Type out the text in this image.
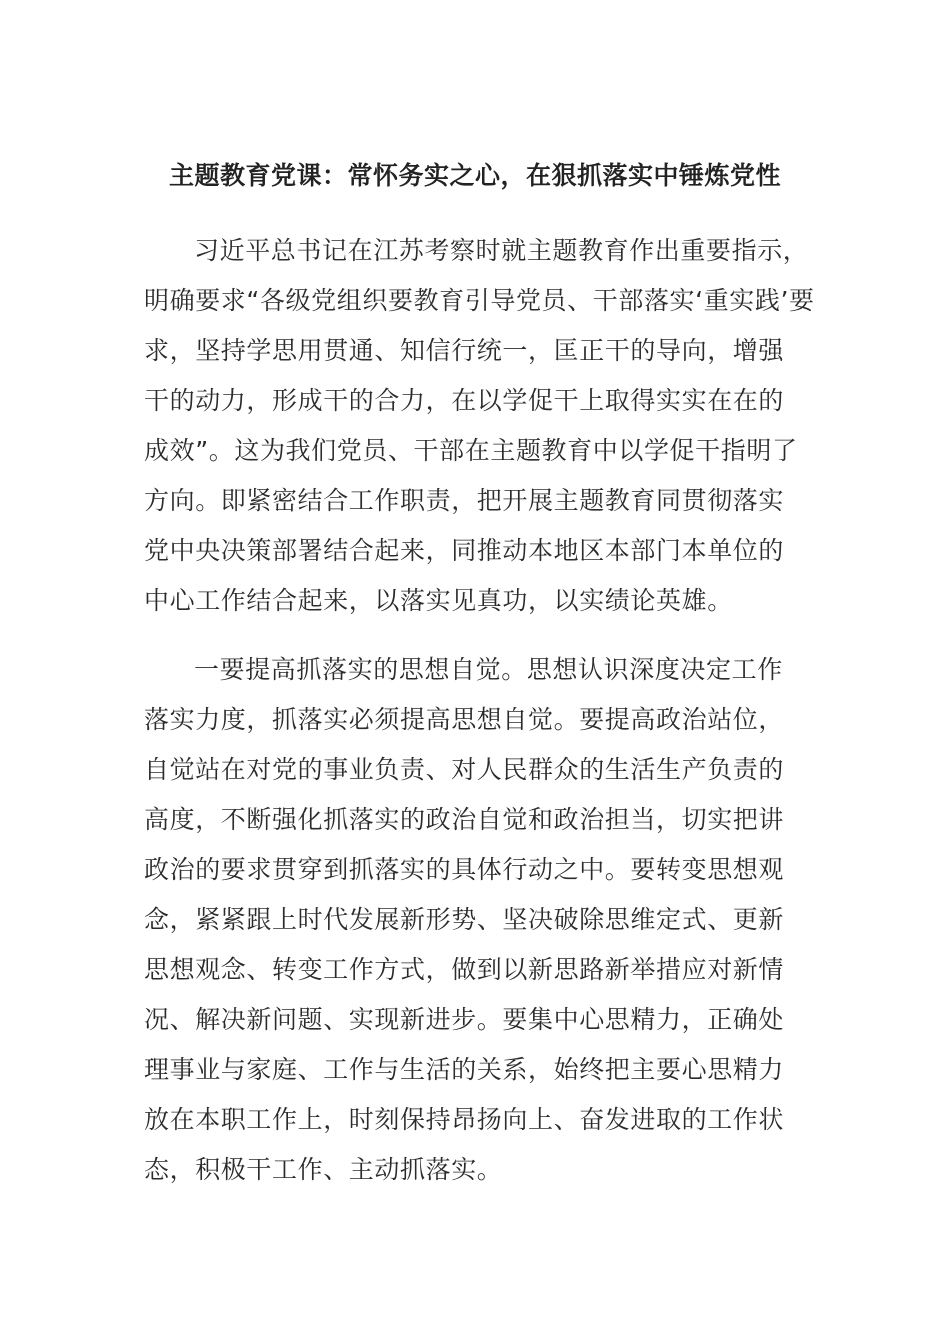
主题教育党课：常怀务实之心，在狠抓落实中锤炼党性
习近平总书记在江苏考察时就主题教育作出重要指示，
明确要求“各级党组织要教育引导党员、干部落实‘重实践’要
求，坚持学思用贯通、知信行统一，匡正干的导向，增强
干的动力，形成干的合力，在以学促干上取得实实在在的
成效”。这为我们党员、干部在主题教育中以学促干指明了
方向。即紧密结合工作职责，把开展主题教育同贯彻落实
党中央决策部署结合起来，同推动本地区本部门本单位的
中心工作结合起来，以落实见真功，以实绩论英雄。
一要提高抓落实的思想自觉。思想认识深度决定工作
落实力度，抓落实必须提高思想自觉。要提高政治站位，
自觉站在对党的事业负责、对人民群众的生活生产负责的
高度，不断强化抓落实的政治自觉和政治担当，切实把讲
政治的要求贯穿到抓落实的具体行动之中。要转变思想观
念，紧紧跟上时代发展新形势、坚决破除思维定式、更新
思想观念、转变工作方式，做到以新思路新举措应对新情
况、解决新问题、实现新进步。要集中心思精力，正确处
理事业与家庭、工作与生活的关系，始终把主要心思精力
放在本职工作上，时刻保持昂扬向上、奋发进取的工作状
态，积极干工作、主动抓落实。
